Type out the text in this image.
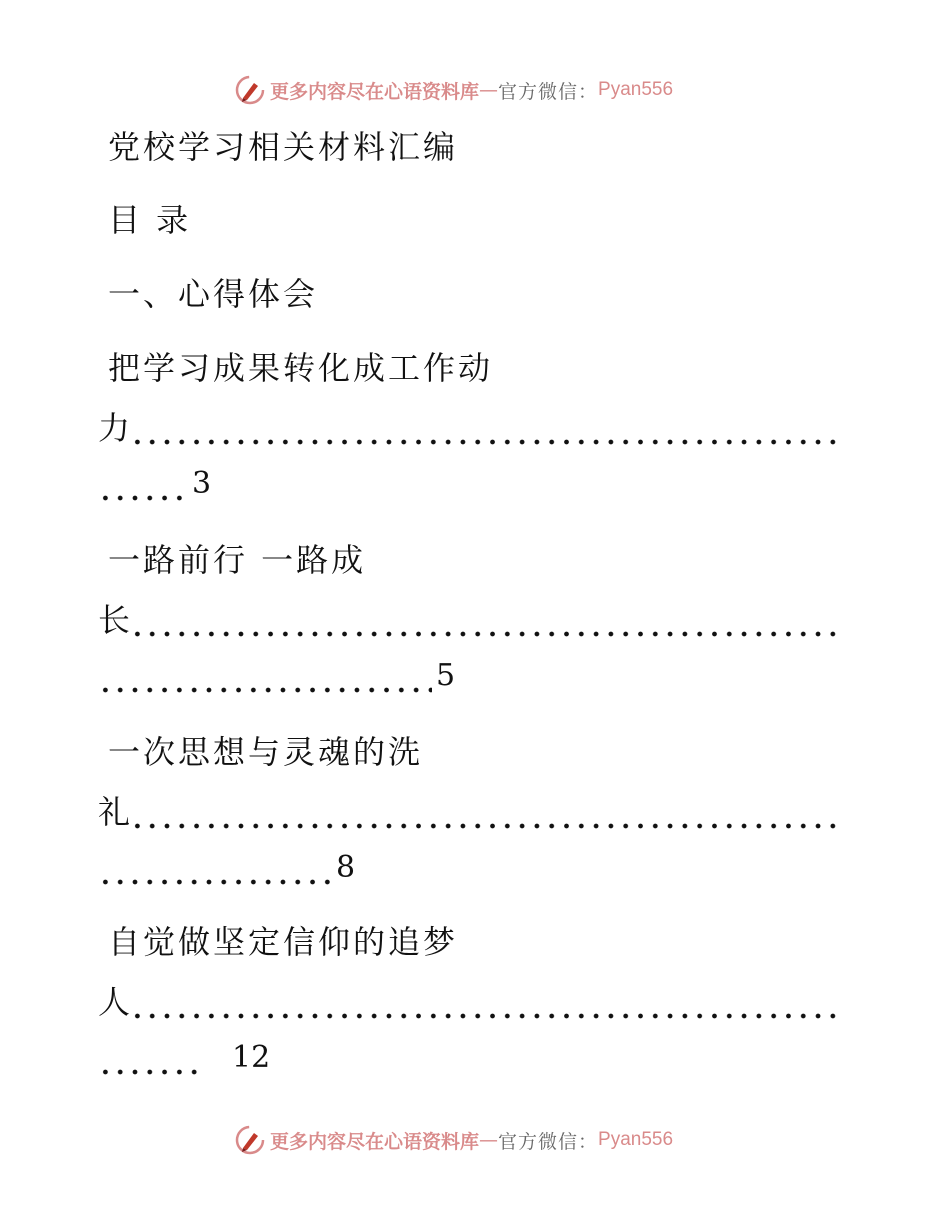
更多内容尽在心语资料库 — 官方微信： Pyan556
党校学习相关材料汇编
目 录
一、心得体会
把学习成果转化成工作动
力
3
一路前行 一路成
长
5
一次思想与灵魂的洗
礼
8
自觉做坚定信仰的追梦
人
12
更多内容尽在心语资料库 — 官方微信： Pyan556
